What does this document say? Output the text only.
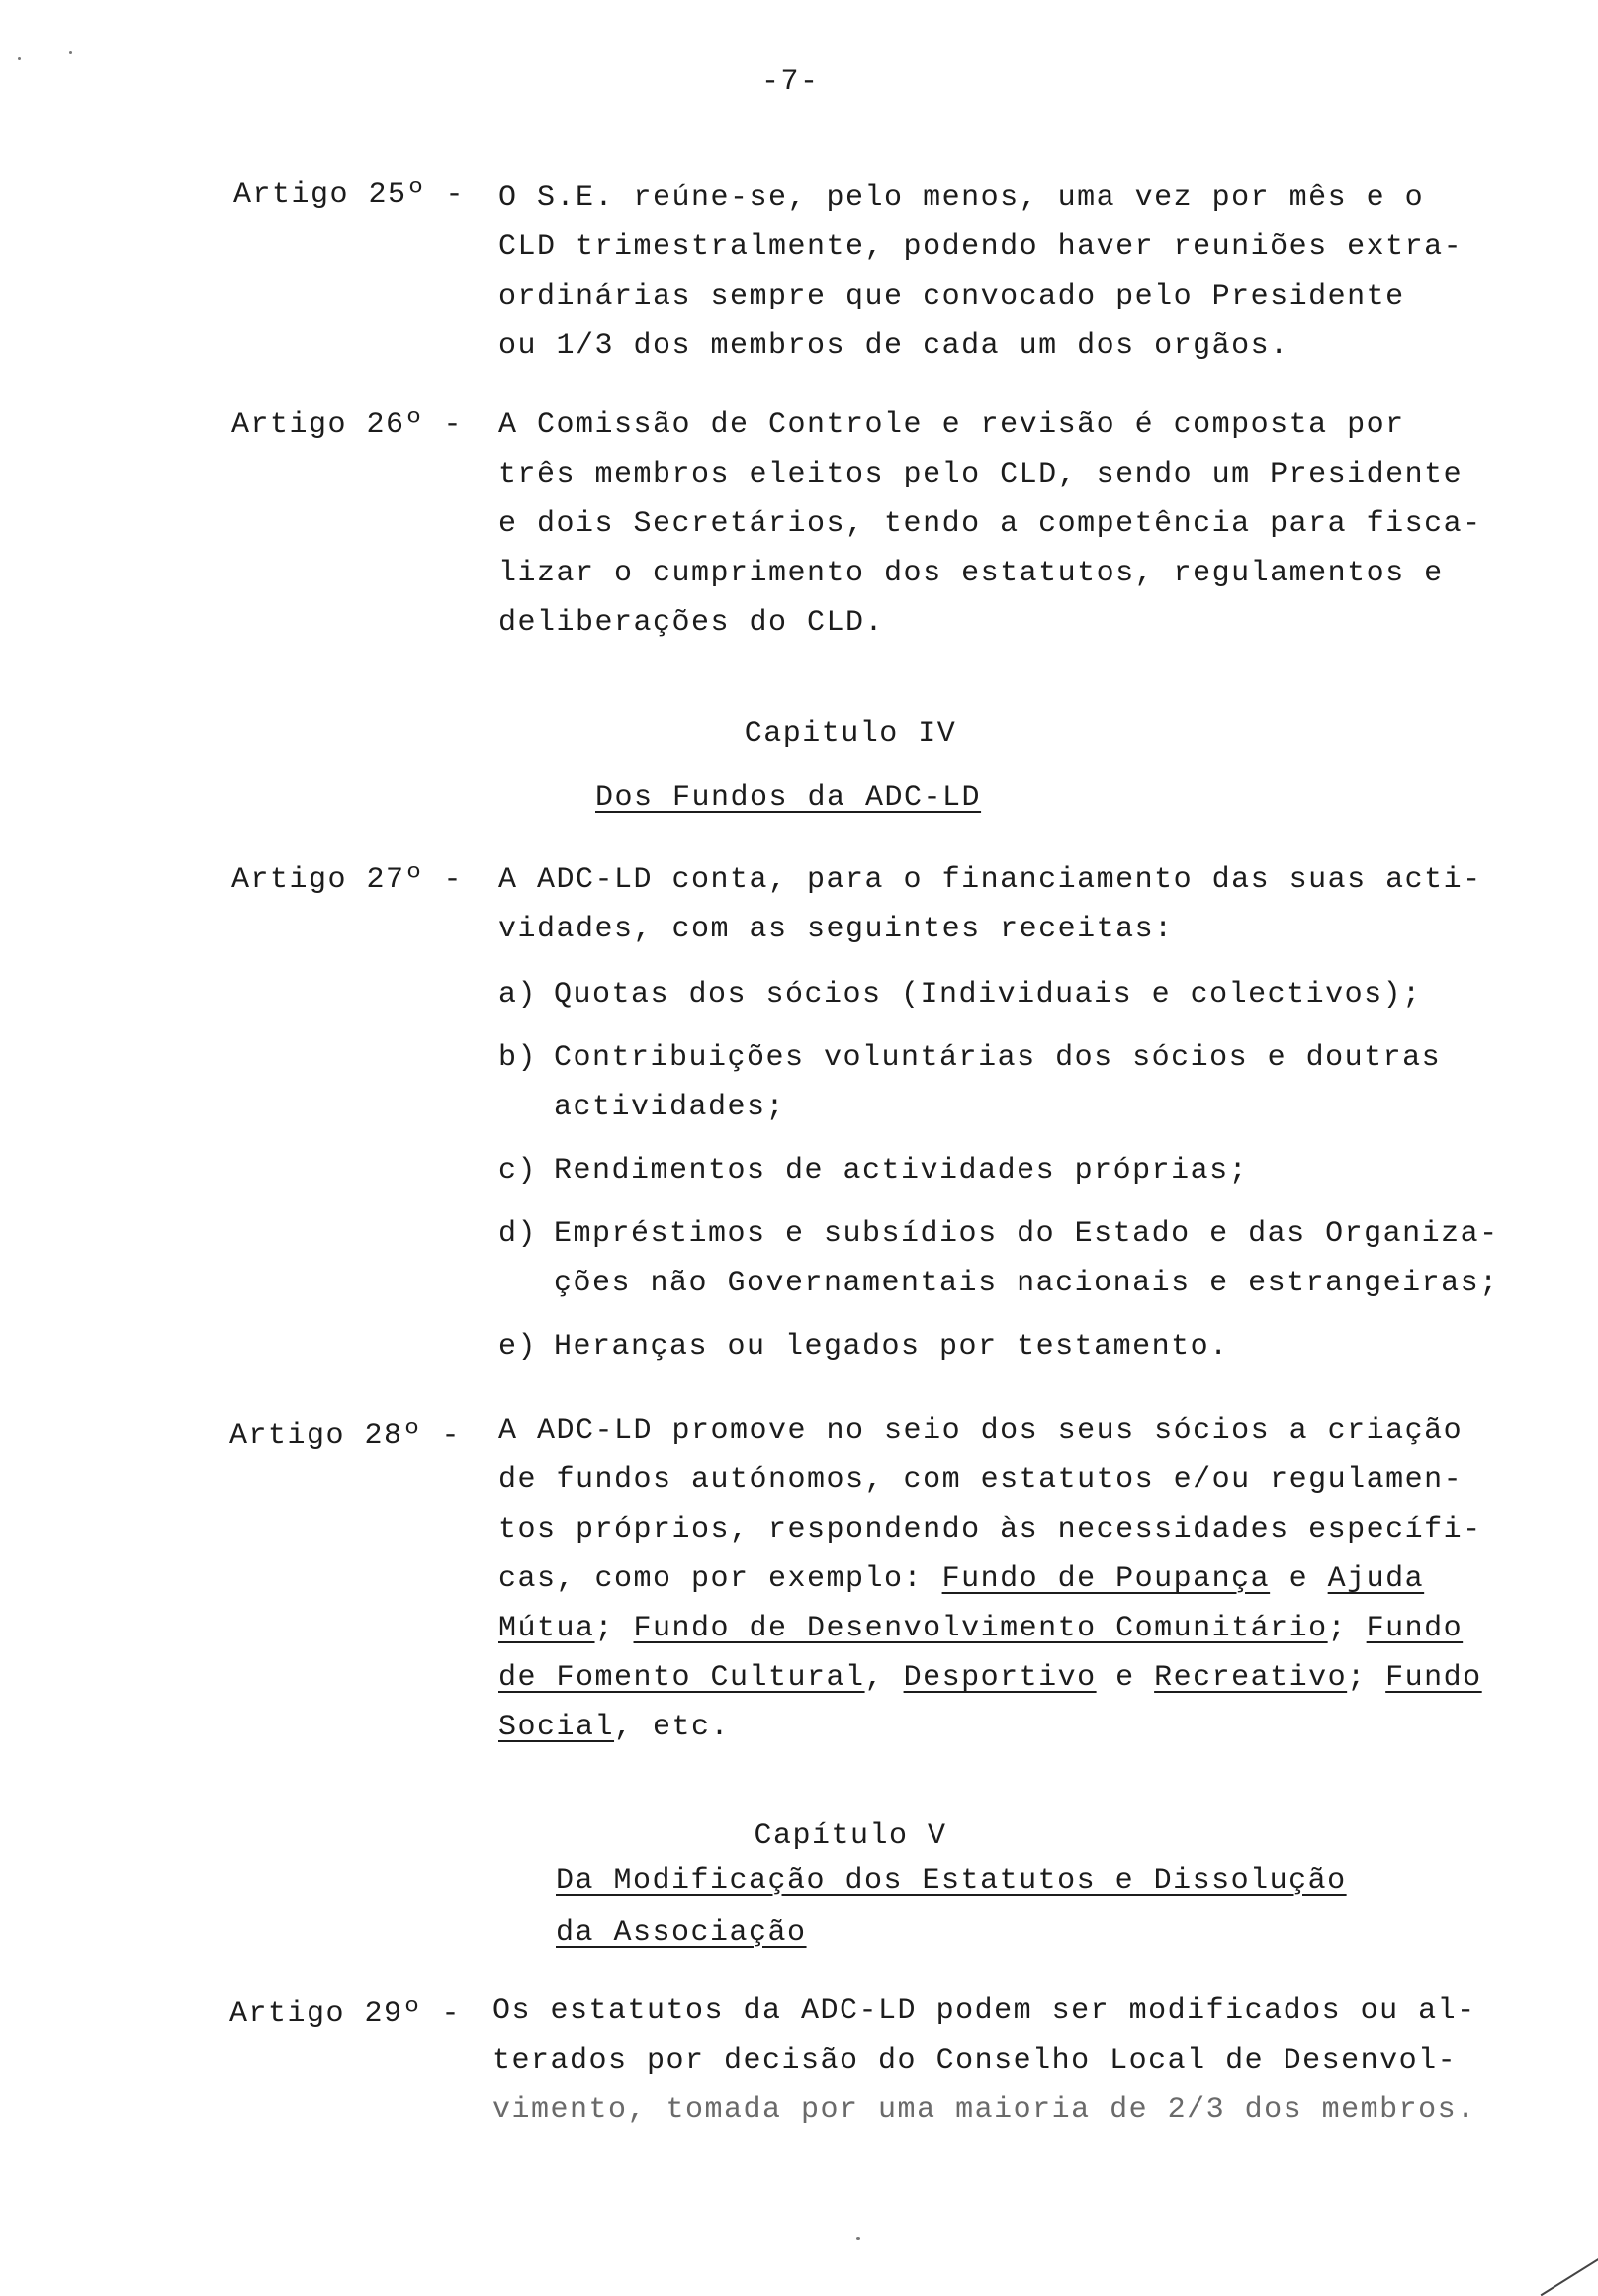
-7-
Artigo 25º - O S.E. reúne-se, pelo menos, uma vez por mês e o
CLD trimestralmente, podendo haver reuniões extra-
ordinárias sempre que convocado pelo Presidente
ou 1/3 dos membros de cada um dos orgãos.
Artigo 26º - A Comissão de Controle e revisão é composta por
três membros eleitos pelo CLD, sendo um Presidente
e dois Secretários, tendo a competência para fisca-
lizar o cumprimento dos estatutos, regulamentos e
deliberações do CLD.
Capitulo IV
Dos Fundos da ADC-LD
Artigo 27º - A ADC-LD conta, para o financiamento das suas acti-
vidades, com as seguintes receitas:
a) Quotas dos sócios (Individuais e colectivos);
b) Contribuições voluntárias dos sócios e doutras
actividades;
c) Rendimentos de actividades próprias;
d) Empréstimos e subsídios do Estado e das Organiza-
ções não Governamentais nacionais e estrangeiras;
e) Heranças ou legados por testamento.
Artigo 28º - A ADC-LD promove no seio dos seus sócios a criação
de fundos autónomos, com estatutos e/ou regulamen-
tos próprios, respondendo às necessidades específi-
cas, como por exemplo: Fundo de Poupança e Ajuda
Mútua; Fundo de Desenvolvimento Comunitário; Fundo
de Fomento Cultural, Desportivo e Recreativo; Fundo
Social, etc.
Capítulo V
Da Modificação dos Estatutos e Dissolução
da Associação
Artigo 29º - Os estatutos da ADC-LD podem ser modificados ou al-
terados por decisão do Conselho Local de Desenvol-
vimento, tomada por uma maioria de 2/3 dos membros.
